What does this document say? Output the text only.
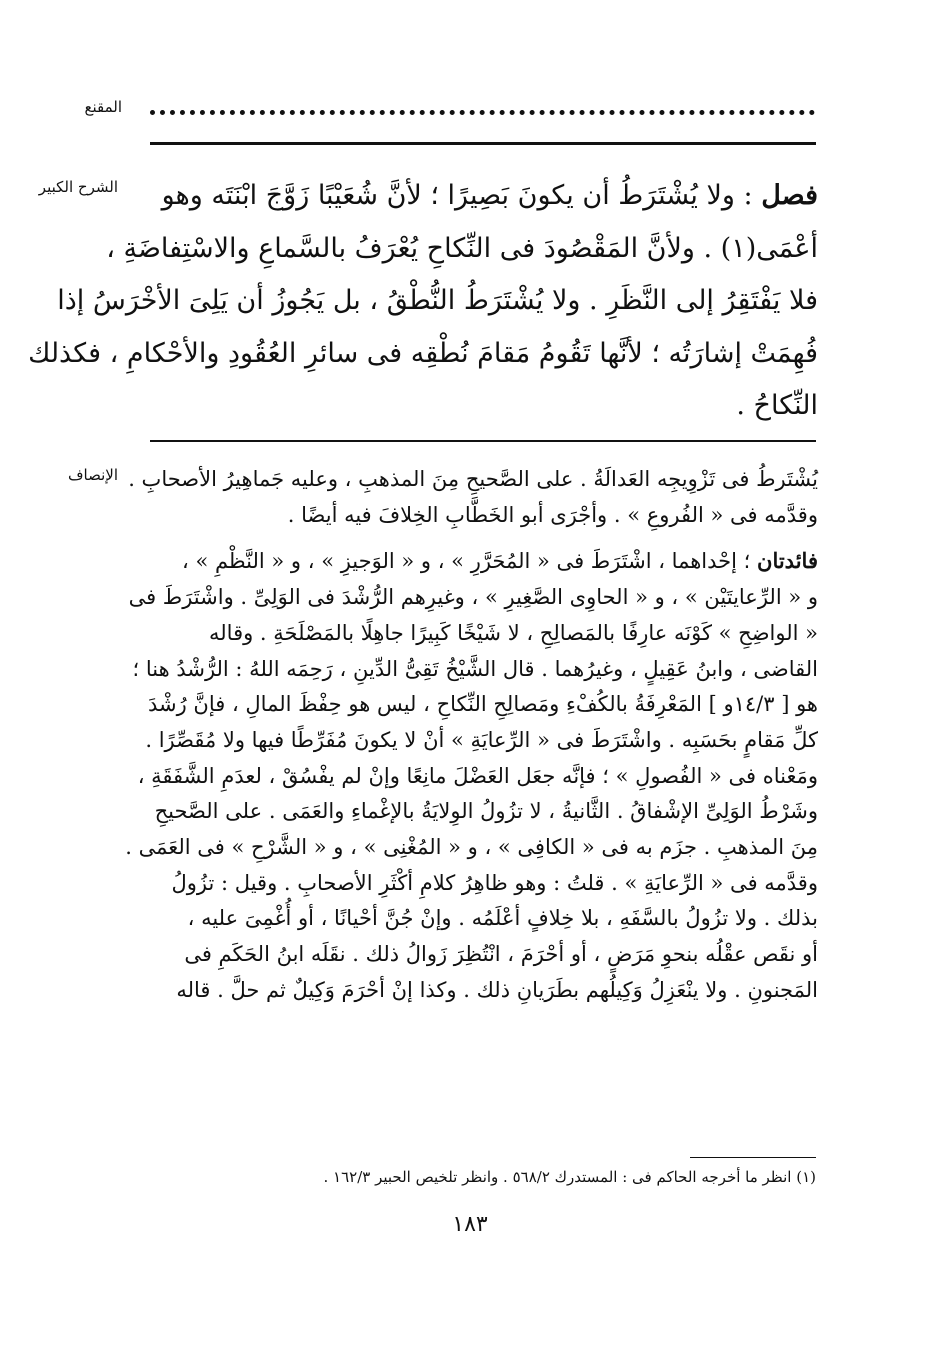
المقنع
الشرح الكبير	فصل : ولا يُشْتَرَطُ أن يكونَ بَصِيرًا ؛ لأنَّ شُعَيْبًا زَوَّجَ ابْنَتَه وهو
أعْمَى(١) . ولأنَّ المَقْصُودَ فى النِّكاحِ يُعْرَفُ بالسَّماعِ والاسْتِفاضَةِ ،
فلا يَفْتَقِرُ إلى النَّظَرِ . ولا يُشْتَرَطُ النُّطْقُ ، بل يَجُوزُ أن يَلِىَ الأخْرَسُ إذا
فُهِمَتْ إشارَتُه ؛ لأنَّها تَقُومُ مَقامَ نُطْقِه فى سائرِ العُقُودِ والأحْكامِ ، فكذلك
النِّكاحُ .
الإنصاف يُشْتَرطُ فى تَزْوِيجِه العَدالَةُ . على الصَّحيحِ مِنَ المذهبِ ، وعليه جَماهِيرُ الأصحابِ .
وقدَّمه فى « الفُروعِ » . وأجْرَى أبو الخَطَّابِ الخِلافَ فيه أيضًا .
فائدتان ؛ إحْداهما ، اشْتَرَطَ فى « المُحَرَّرِ » ، و « الوَجيزِ » ، و « النَّظْمِ » ،
و « الرِّعايتَيْن » ، و « الحاوِى الصَّغِيرِ » ، وغيرِهم الرُّشْدَ فى الوَلِىِّ . واشْتَرَطَ فى
« الواضِحِ » كَوْنَه عارِفًا بالمَصالِحِ ، لا شَيْخًا كَبِيرًا جاهِلًا بالمَصْلَحَةِ . وقاله
القاضى ، وابنُ عَقِيلٍ ، وغيرُهما . قال الشَّيْخُ تَقِىُّ الدِّينِ ، رَحِمَه اللهُ : الرُّشْدُ هنا ؛
هو [ ١٤/٣و ] المَعْرِفَةُ بالكُفْءِ ومَصالِحِ النِّكاحِ ، ليس هو حِفْظَ المالِ ، فإنَّ رُشْدَ
كلِّ مَقامٍ بحَسَبِه . واشْتَرَطَ فى « الرِّعايَةِ » أنْ لا يكونَ مُفَرِّطًا فيها ولا مُقَصِّرًا .
ومَعْناه فى « الفُصولِ » ؛ فإنَّه جعَل العَضْلَ مانِعًا وإنْ لم يفْسُقْ ، لعدَمِ الشَّفَقَةِ ،
وشَرْطُ الوَلِىِّ الإشْفاقُ . الثَّانيةُ ، لا تزُولُ الوِلايَةُ بالإغْماءِ والعَمَى . على الصَّحيحِ
مِنَ المذهبِ . جزَم به فى « الكافِى » ، و « المُغْنِى » ، و « الشَّرْحِ » فى العَمَى .
وقدَّمه فى « الرِّعايَةِ » . قلتُ : وهو ظاهِرُ كلامِ أكْثَرِ الأصحابِ . وقيل : تزُولُ
بذلك . ولا تزُولُ بالسَّفَهِ ، بلا خِلافٍ أعْلَمُه . وإنْ جُنَّ أحْيانًا ، أو أُغْمِىَ عليه ،
أو نقَص عقْلُه بنحوِ مَرَضٍ ، أو أحْرَمَ ، انْتُظِرَ زَوالُ ذلك . نقَلَه ابنُ الحَكَمِ فى
المَجنونِ . ولا ينْعَزِلُ وَكِيلُهم بطَرَيانِ ذلك . وكذا إنْ أحْرَمَ وَكِيلٌ ثم حلَّ . قاله
(١) انظر ما أخرجه الحاكم فى : المستدرك ٥٦٨/٢ . وانظر تلخيص الحبير ١٦٢/٣ .
١٨٣
